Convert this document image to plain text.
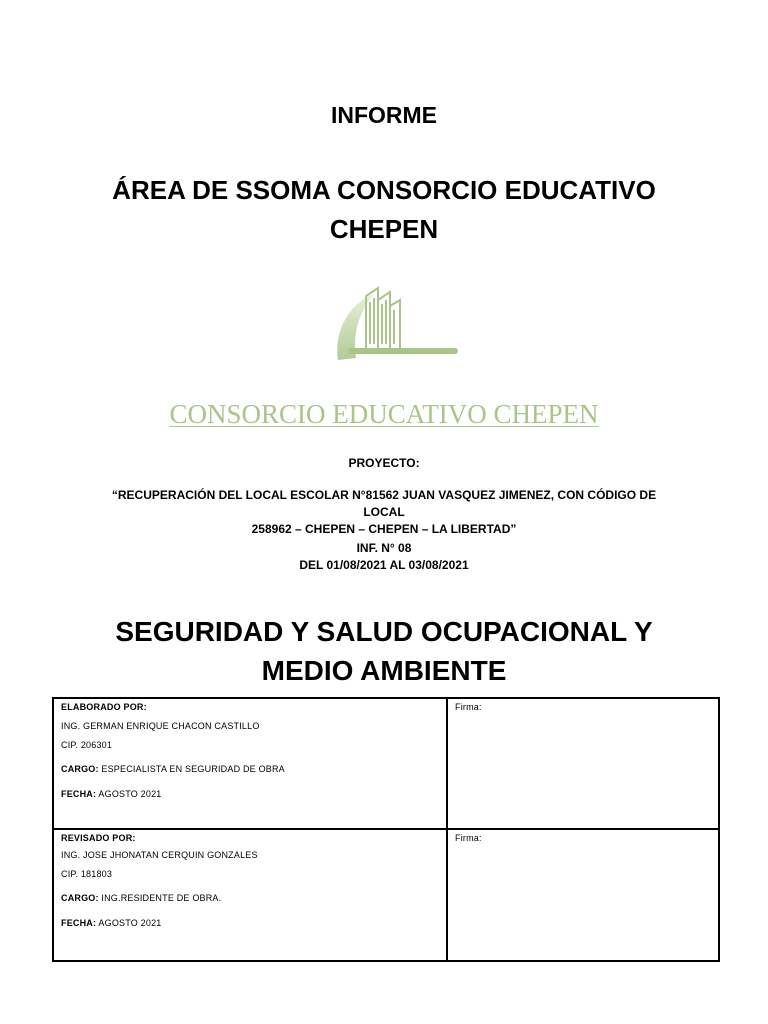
INFORME
ÁREA DE SSOMA CONSORCIO EDUCATIVO
CHEPEN
CONSORCIO EDUCATIVO CHEPEN
PROYECTO:
“RECUPERACIÓN DEL LOCAL ESCOLAR N°81562 JUAN VASQUEZ JIMENEZ, CON CÓDIGO DE LOCAL
258962 – CHEPEN – CHEPEN – LA LIBERTAD”
INF. N° 08
DEL 01/08/2021 AL 03/08/2021
SEGURIDAD Y SALUD OCUPACIONAL Y
MEDIO AMBIENTE
ELABORADO POR:
ING. GERMAN ENRIQUE CHACON CASTILLO
CIP. 206301
CARGO: ESPECIALISTA EN SEGURIDAD DE OBRA
FECHA: AGOSTO 2021	Firma:

REVISADO POR:
ING. JOSE JHONATAN CERQUIN GONZALES
CIP. 181803
CARGO: ING.RESIDENTE DE OBRA.
FECHA: AGOSTO 2021	Firma:
